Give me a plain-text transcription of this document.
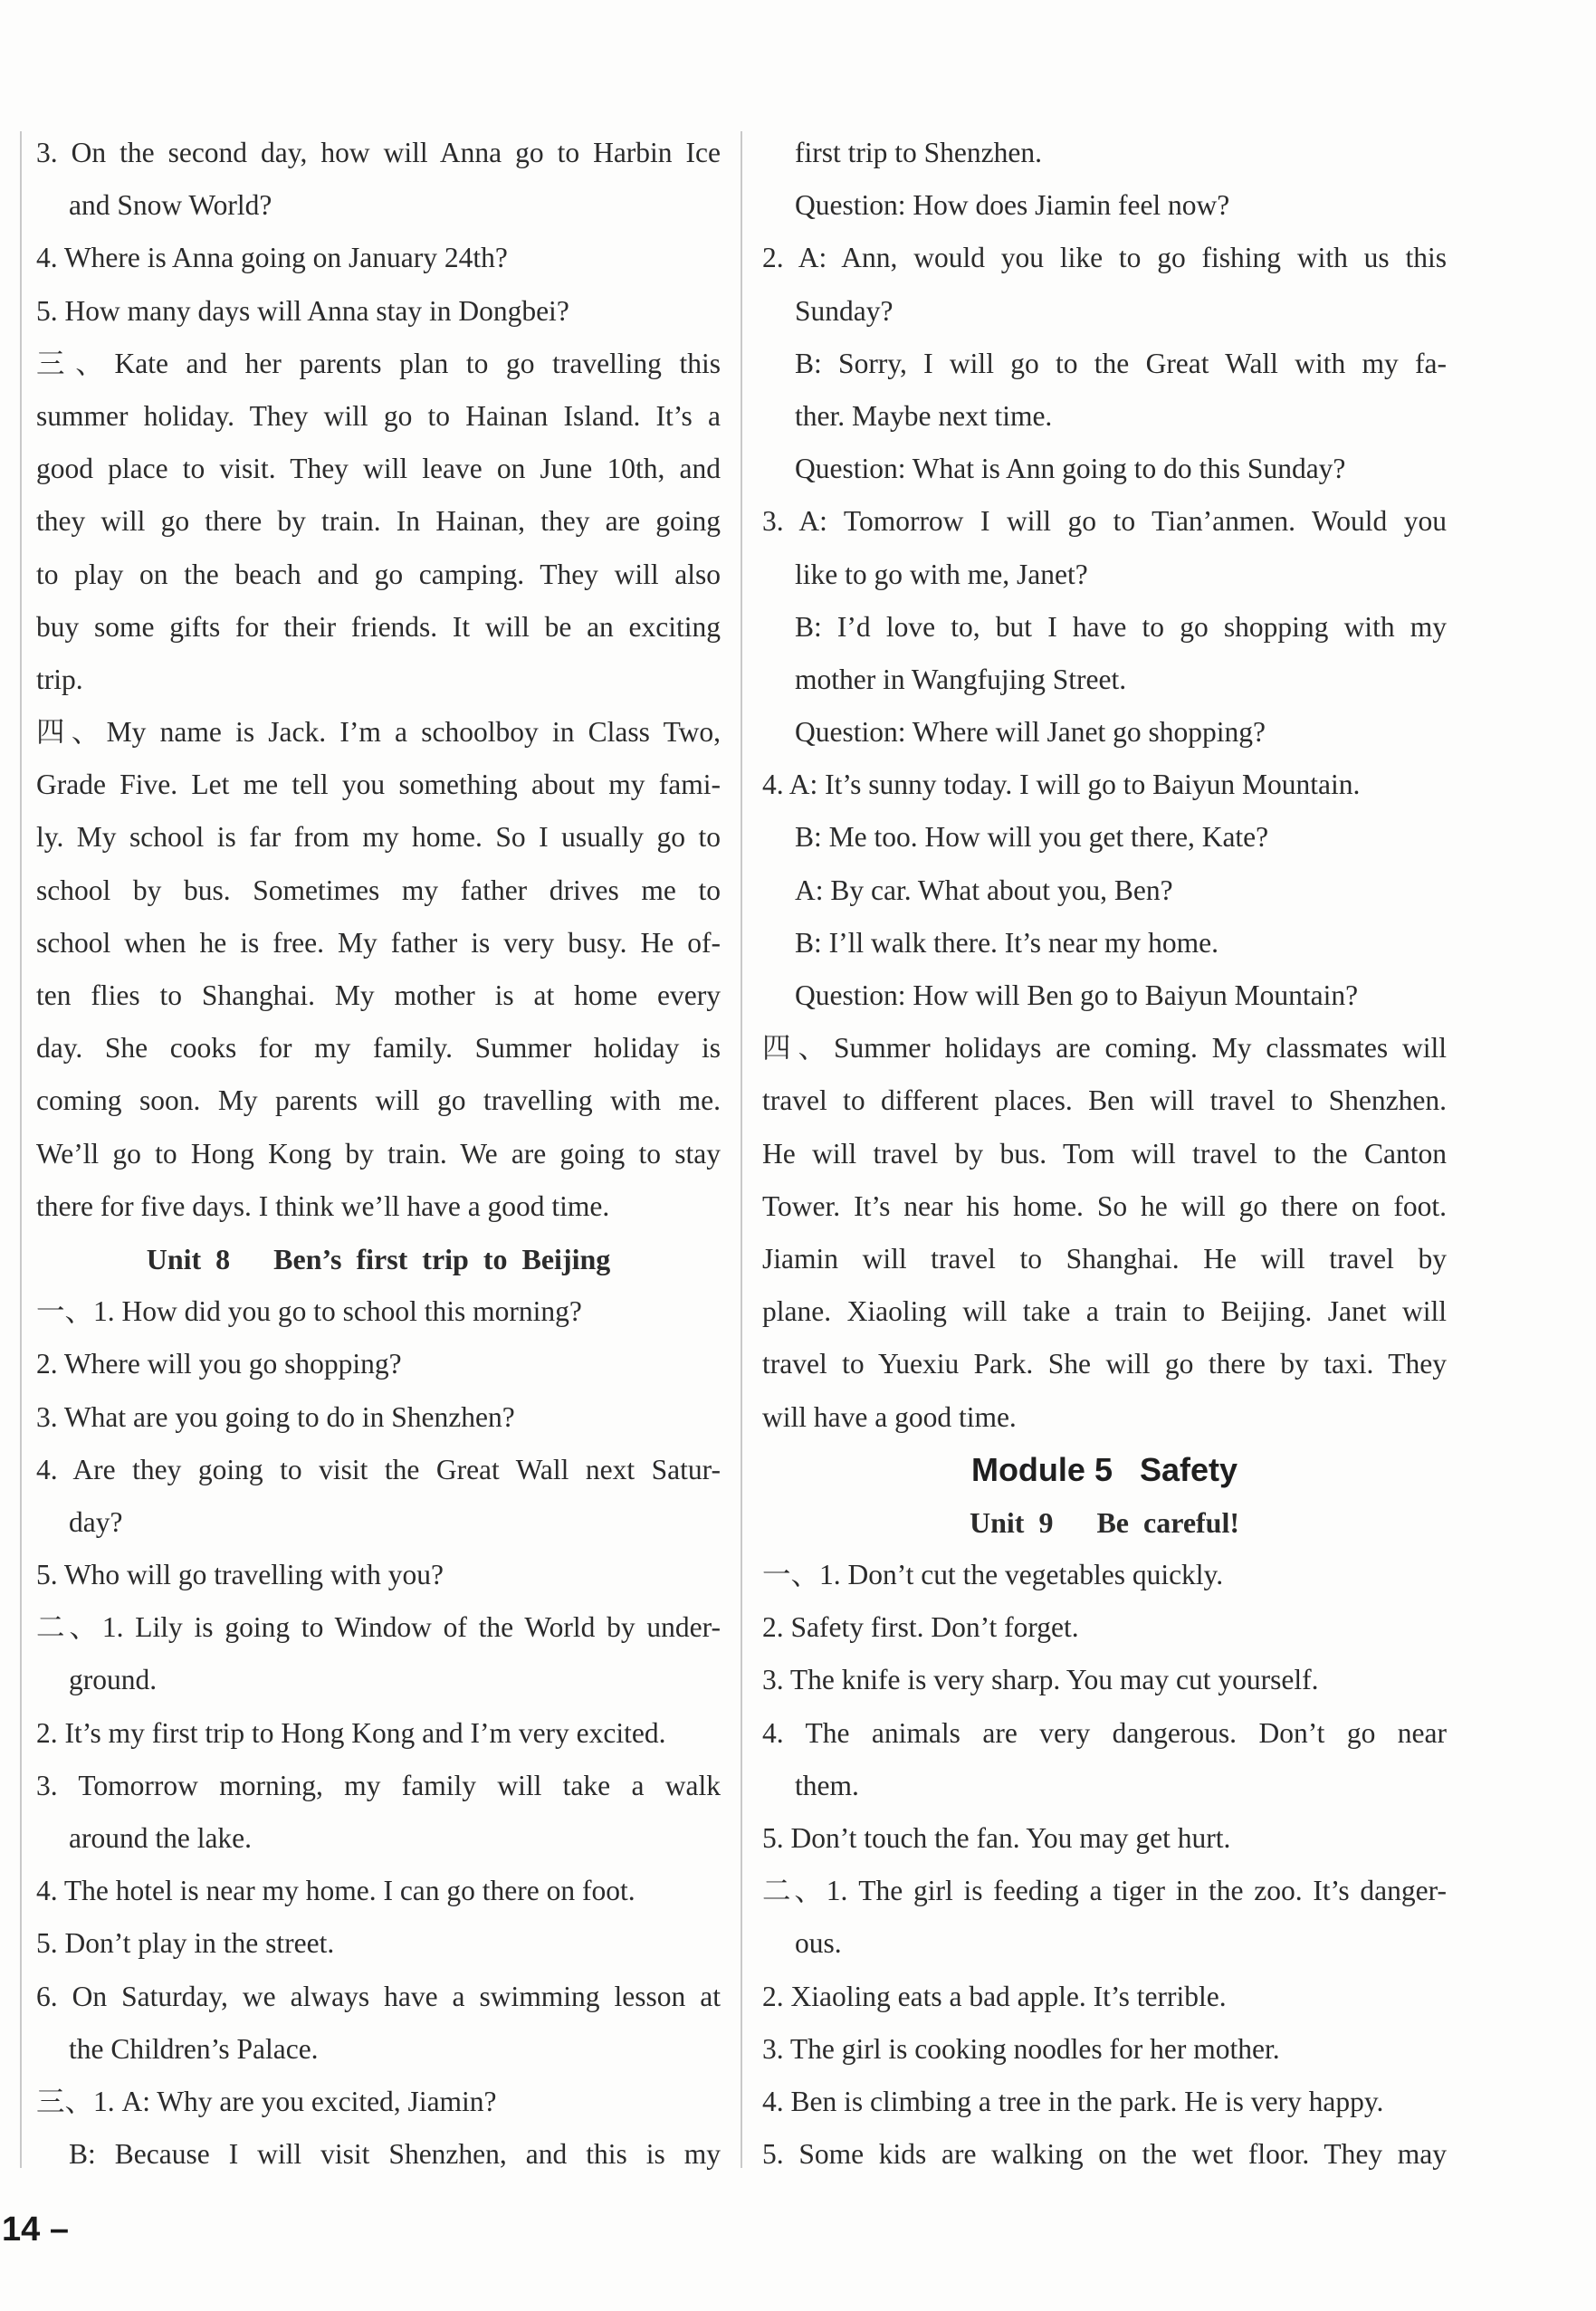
3. On the second day, how will Anna go to Harbin Ice
and Snow World?
4. Where is Anna going on January 24th?
5. How many days will Anna stay in Dongbei?
三、Kate and her parents plan to go travelling this
summer holiday. They will go to Hainan Island. It’s a
good place to visit. They will leave on June 10th, and
they will go there by train. In Hainan, they are going
to play on the beach and go camping. They will also
buy some gifts for their friends. It will be an exciting
trip.
四、My name is Jack. I’m a schoolboy in Class Two,
Grade Five. Let me tell you something about my fami-
ly. My school is far from my home. So I usually go to
school by bus. Sometimes my father drives me to
school when he is free. My father is very busy. He of-
ten flies to Shanghai. My mother is at home every
day. She cooks for my family. Summer holiday is
coming soon. My parents will go travelling with me.
We’ll go to Hong Kong by train. We are going to stay
there for five days. I think we’ll have a good time.
Unit 8   Ben’s first trip to Beijing
一、1. How did you go to school this morning?
2. Where will you go shopping?
3. What are you going to do in Shenzhen?
4. Are they going to visit the Great Wall next Satur-
day?
5. Who will go travelling with you?
二、1. Lily is going to Window of the World by under-
ground.
2. It’s my first trip to Hong Kong and I’m very excited.
3. Tomorrow morning, my family will take a walk
around the lake.
4. The hotel is near my home. I can go there on foot.
5. Don’t play in the street.
6. On Saturday, we always have a swimming lesson at
the Children’s Palace.
三、1. A: Why are you excited, Jiamin?
B: Because I will visit Shenzhen, and this is my
first trip to Shenzhen.
Question: How does Jiamin feel now?
2. A: Ann, would you like to go fishing with us this
Sunday?
B: Sorry, I will go to the Great Wall with my fa-
ther. Maybe next time.
Question: What is Ann going to do this Sunday?
3. A: Tomorrow I will go to Tian’anmen. Would you
like to go with me, Janet?
B: I’d love to, but I have to go shopping with my
mother in Wangfujing Street.
Question: Where will Janet go shopping?
4. A: It’s sunny today. I will go to Baiyun Mountain.
B: Me too. How will you get there, Kate?
A: By car. What about you, Ben?
B: I’ll walk there. It’s near my home.
Question: How will Ben go to Baiyun Mountain?
四、Summer holidays are coming. My classmates will
travel to different places. Ben will travel to Shenzhen.
He will travel by bus. Tom will travel to the Canton
Tower. It’s near his home. So he will go there on foot.
Jiamin will travel to Shanghai. He will travel by
plane. Xiaoling will take a train to Beijing. Janet will
travel to Yuexiu Park. She will go there by taxi. They
will have a good time.
Module 5   Safety
Unit 9   Be careful!
一、1. Don’t cut the vegetables quickly.
2. Safety first. Don’t forget.
3. The knife is very sharp. You may cut yourself.
4. The animals are very dangerous. Don’t go near
them.
5. Don’t touch the fan. You may get hurt.
二、1. The girl is feeding a tiger in the zoo. It’s danger-
ous.
2. Xiaoling eats a bad apple. It’s terrible.
3. The girl is cooking noodles for her mother.
4. Ben is climbing a tree in the park. He is very happy.
5. Some kids are walking on the wet floor. They may
14 –
